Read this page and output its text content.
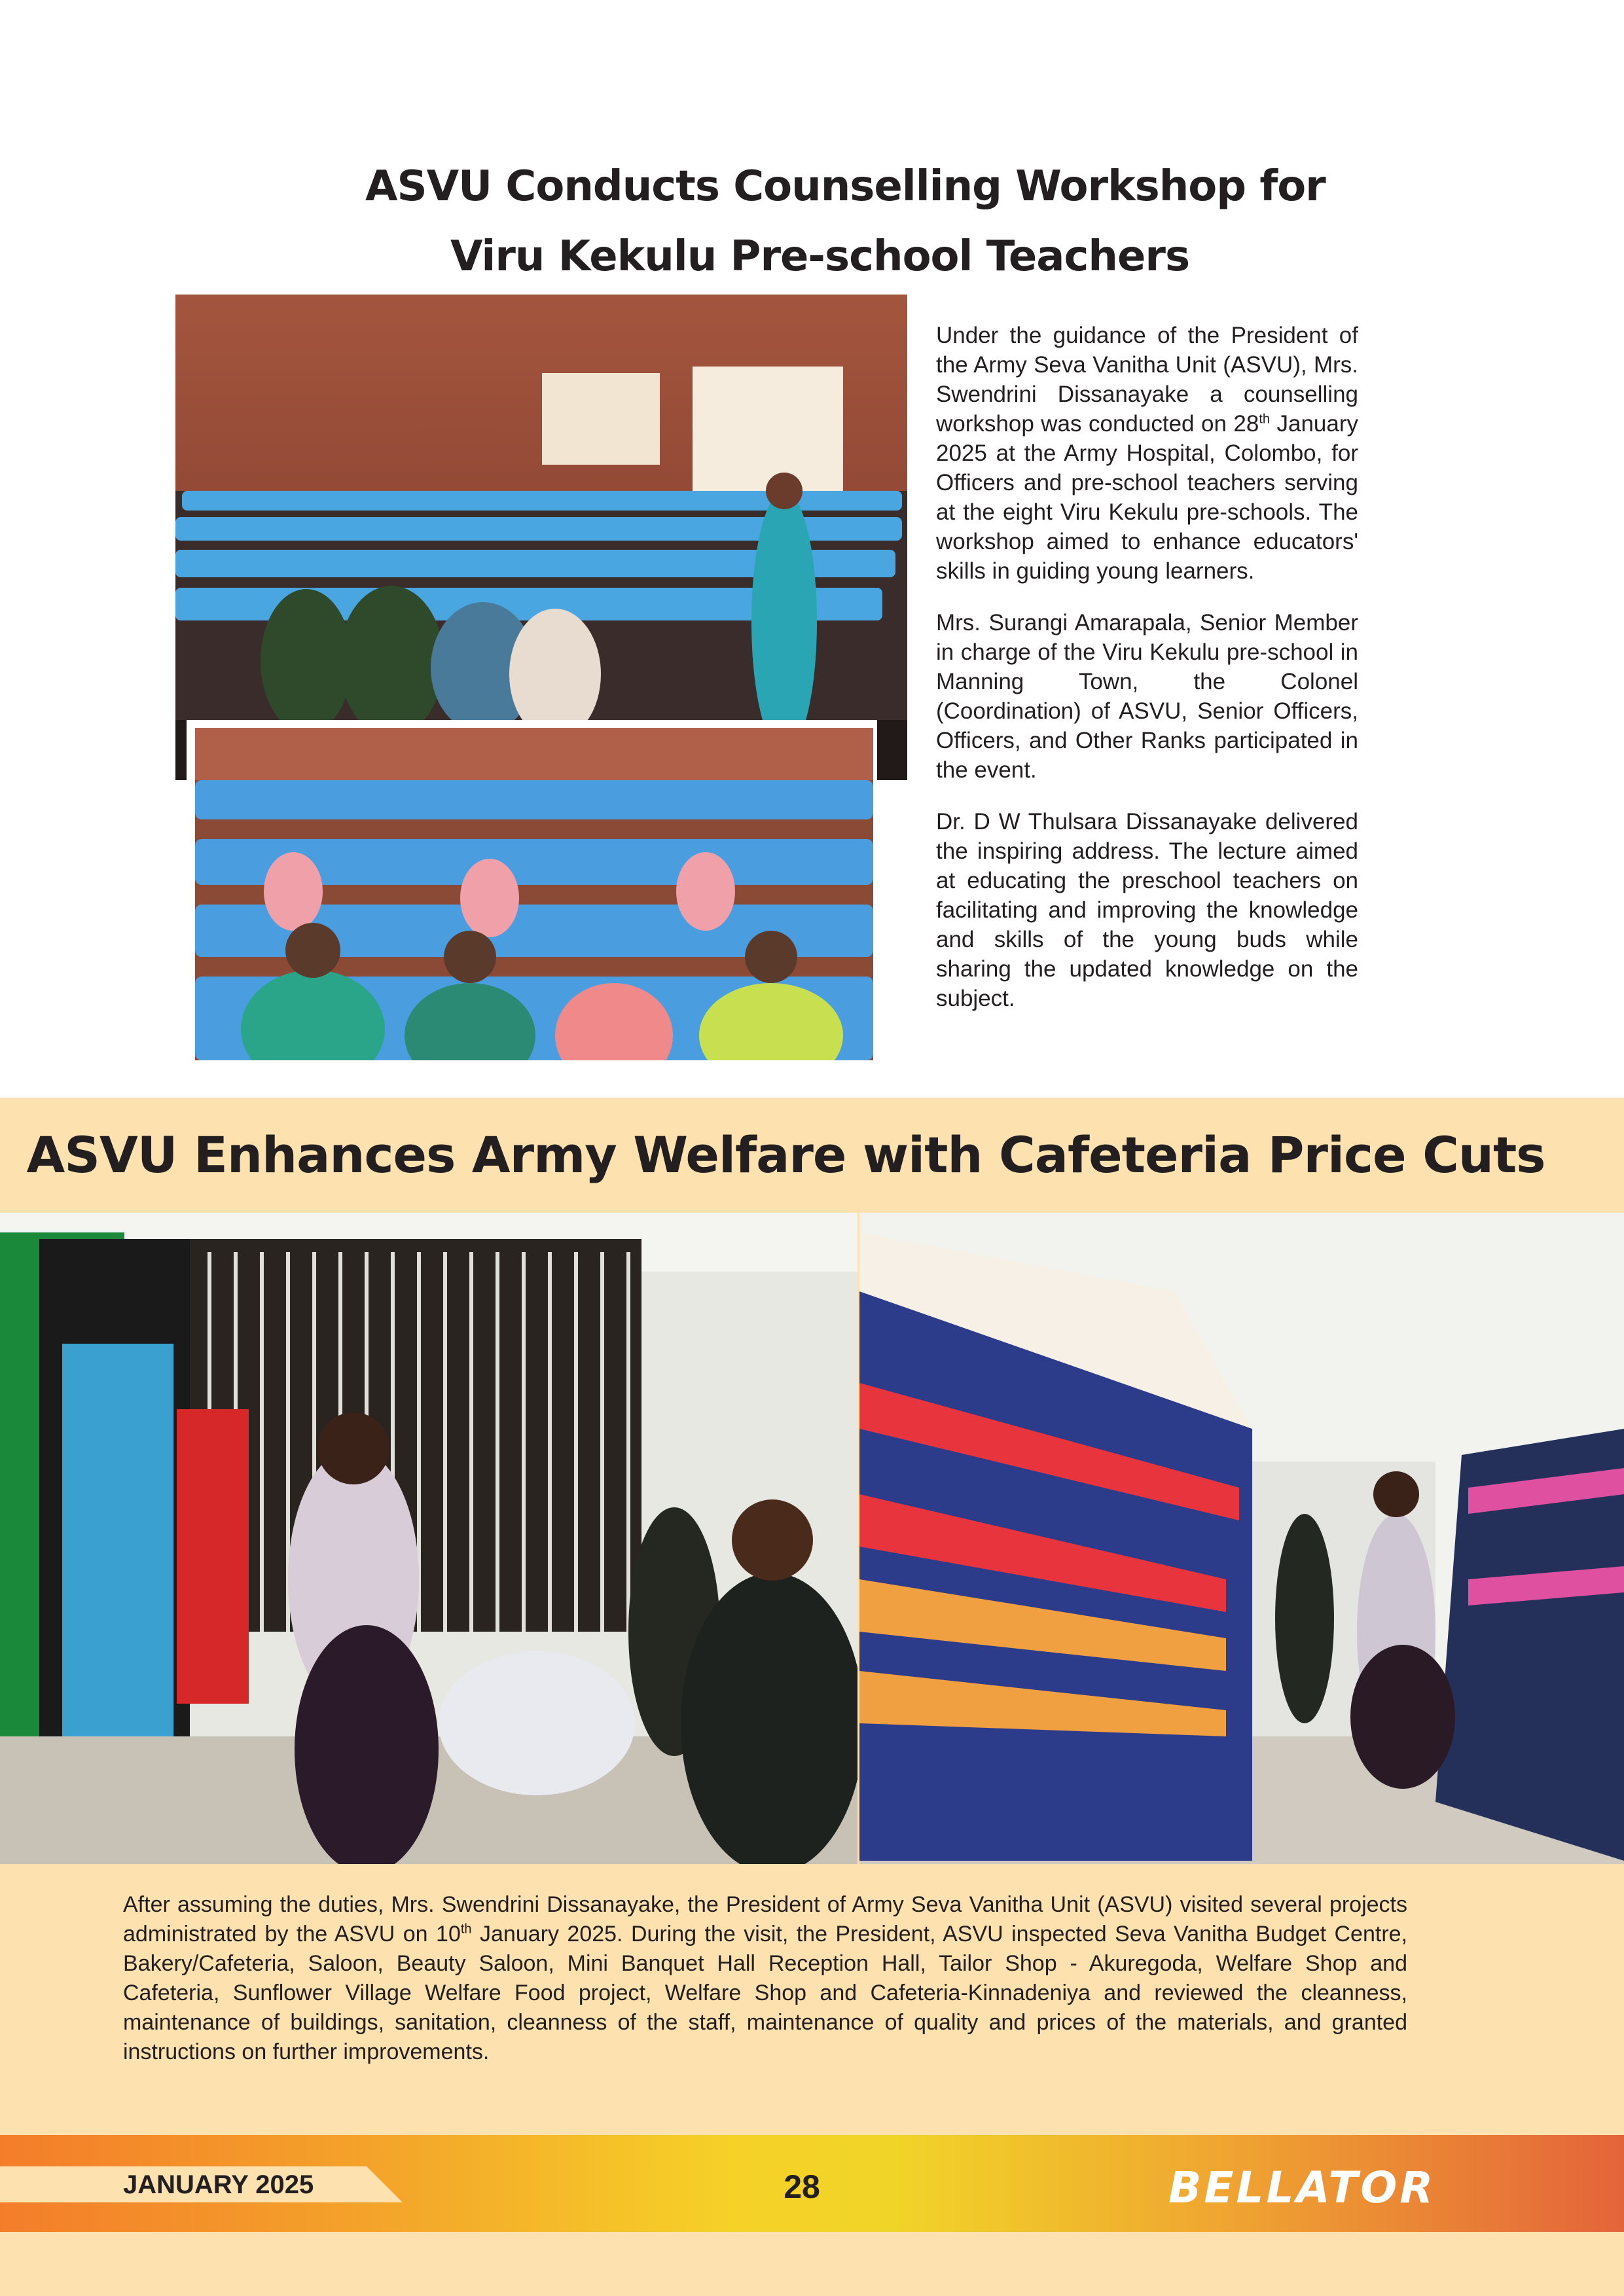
ASVU Conducts Counselling Workshop for
Viru Kekulu Pre-school Teachers

Under the guidance of the President of the Army Seva Vanitha Unit (ASVU), Mrs. Swendrini Dissanayake a counselling workshop was conducted on 28th January 2025 at the Army Hospital, Colombo, for Officers and pre-school teachers serving at the eight Viru Kekulu pre-schools. The workshop aimed to enhance educators' skills in guiding young learners.

Mrs. Surangi Amarapala, Senior Member in charge of the Viru Kekulu pre-school in Manning Town, the Colonel (Coordination) of ASVU, Senior Officers, Officers, and Other Ranks participated in the event.

Dr. D W Thulsara Dissanayake delivered the inspiring address. The lecture aimed at educating the preschool teachers on facilitating and improving the knowledge and skills of the young buds while sharing the updated knowledge on the subject.

ASVU Enhances Army Welfare with Cafeteria Price Cuts

After assuming the duties, Mrs. Swendrini Dissanayake, the President of Army Seva Vanitha Unit (ASVU) visited several projects administrated by the ASVU on 10th January 2025. During the visit, the President, ASVU inspected Seva Vanitha Budget Centre, Bakery/Cafeteria, Saloon, Beauty Saloon, Mini Banquet Hall Reception Hall, Tailor Shop - Akuregoda, Welfare Shop and Cafeteria, Sunflower Village Welfare Food project, Welfare Shop and Cafeteria-Kinnadeniya and reviewed the cleanness, maintenance of buildings, sanitation, cleanness of the staff, maintenance of quality and prices of the materials, and granted instructions on further improvements.

JANUARY 2025	28	BELLATOR
